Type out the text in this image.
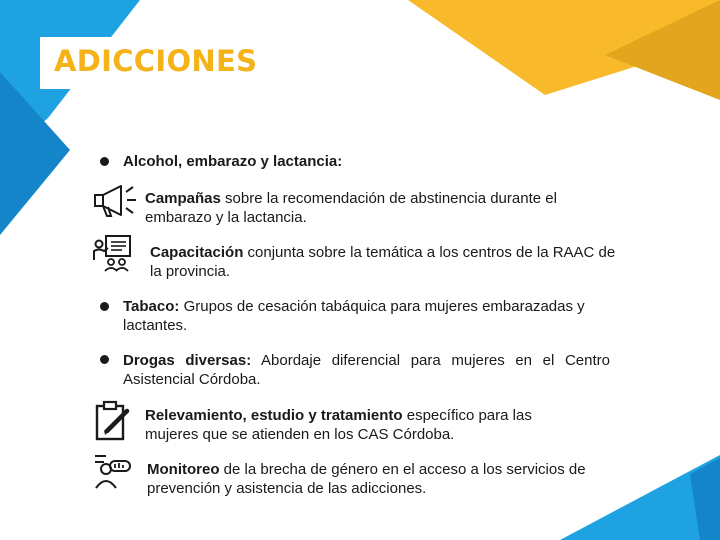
ADICCIONES
Alcohol, embarazo y lactancia:
Campañas sobre la recomendación de abstinencia durante el embarazo y la lactancia.
Capacitación conjunta sobre la temática a los centros de la RAAC de la provincia.
Tabaco: Grupos de cesación tabáquica para mujeres embarazadas y lactantes.
Drogas diversas: Abordaje diferencial para mujeres en el Centro Asistencial Córdoba.
Relevamiento, estudio y tratamiento específico para las mujeres que se atienden en los CAS Córdoba.
Monitoreo de la brecha de género en el acceso a los servicios de prevención y asistencia de las adicciones.
